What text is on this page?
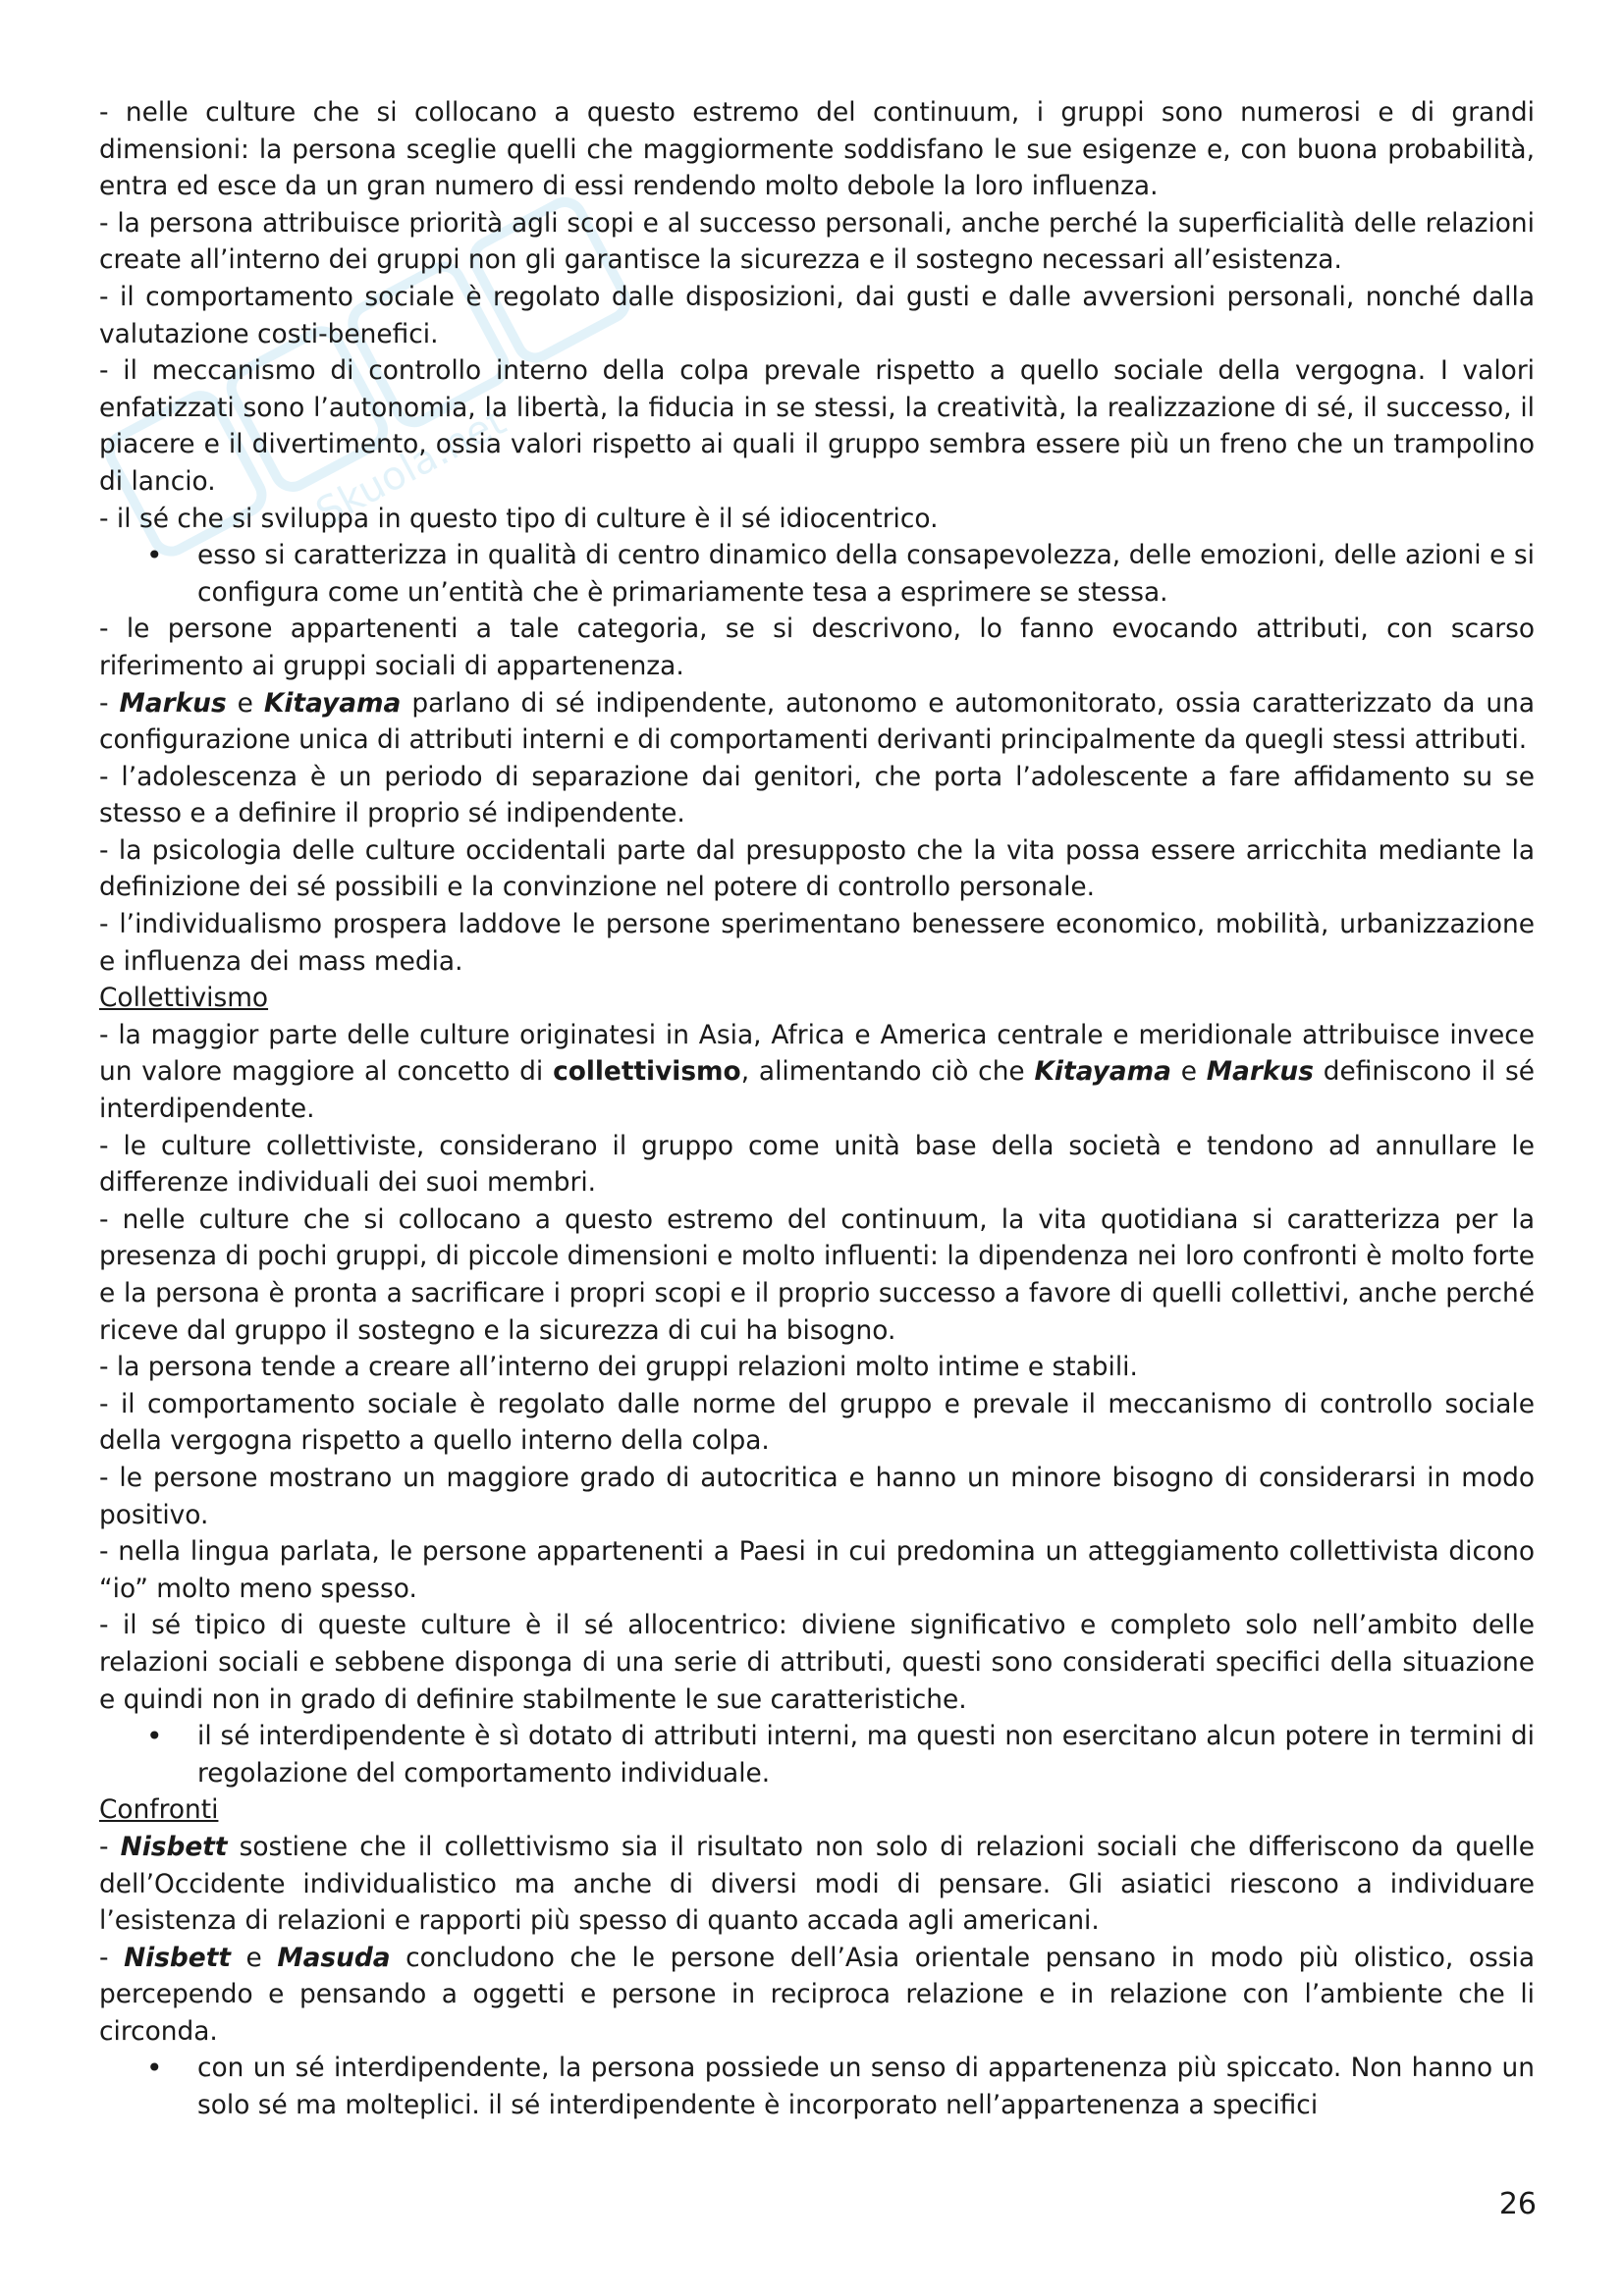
Skuola.net

- nelle culture che si collocano a questo estremo del continuum, i gruppi sono numerosi e di grandi dimensioni: la persona sceglie quelli che maggiormente soddisfano le sue esigenze e, con buona probabilità, entra ed esce da un gran numero di essi rendendo molto debole la loro influenza.

- la persona attribuisce priorità agli scopi e al successo personali, anche perché la superficialità delle relazioni create all’interno dei gruppi non gli garantisce la sicurezza e il sostegno necessari all’esistenza.

- il comportamento sociale è regolato dalle disposizioni, dai gusti e dalle avversioni personali, nonché dalla valutazione costi-benefici.

- il meccanismo di controllo interno della colpa prevale rispetto a quello sociale della vergogna. I valori enfatizzati sono l’autonomia, la libertà, la fiducia in se stessi, la creatività, la realizzazione di sé, il successo, il piacere e il divertimento, ossia valori rispetto ai quali il gruppo sembra essere più un freno che un trampolino di lancio.

- il sé che si sviluppa in questo tipo di culture è il sé idiocentrico.

• esso si caratterizza in qualità di centro dinamico della consapevolezza, delle emozioni, delle azioni e si configura come un’entità che è primariamente tesa a esprimere se stessa.

- le persone appartenenti a tale categoria, se si descrivono, lo fanno evocando attributi, con scarso riferimento ai gruppi sociali di appartenenza.

- Markus e Kitayama parlano di sé indipendente, autonomo e automonitorato, ossia caratterizzato da una configurazione unica di attributi interni e di comportamenti derivanti principalmente da quegli stessi attributi.

- l’adolescenza è un periodo di separazione dai genitori, che porta l’adolescente a fare affidamento su se stesso e a definire il proprio sé indipendente.

- la psicologia delle culture occidentali parte dal presupposto che la vita possa essere arricchita mediante la definizione dei sé possibili e la convinzione nel potere di controllo personale.

- l’individualismo prospera laddove le persone sperimentano benessere economico, mobilità, urbanizzazione e influenza dei mass media.

Collettivismo

- la maggior parte delle culture originatesi in Asia, Africa e America centrale e meridionale attribuisce invece un valore maggiore al concetto di collettivismo, alimentando ciò che Kitayama e Markus definiscono il sé interdipendente.

- le culture collettiviste, considerano il gruppo come unità base della società e tendono ad annullare le differenze individuali dei suoi membri.

- nelle culture che si collocano a questo estremo del continuum, la vita quotidiana si caratterizza per la presenza di pochi gruppi, di piccole dimensioni e molto influenti: la dipendenza nei loro confronti è molto forte e la persona è pronta a sacrificare i propri scopi e il proprio successo a favore di quelli collettivi, anche perché riceve dal gruppo il sostegno e la sicurezza di cui ha bisogno.

- la persona tende a creare all’interno dei gruppi relazioni molto intime e stabili.

- il comportamento sociale è regolato dalle norme del gruppo e prevale il meccanismo di controllo sociale della vergogna rispetto a quello interno della colpa.

- le persone mostrano un maggiore grado di autocritica e hanno un minore bisogno di considerarsi in modo positivo.

- nella lingua parlata, le persone appartenenti a Paesi in cui predomina un atteggiamento collettivista dicono “io” molto meno spesso.

- il sé tipico di queste culture è il sé allocentrico: diviene significativo e completo solo nell’ambito delle relazioni sociali e sebbene disponga di una serie di attributi, questi sono considerati specifici della situazione e quindi non in grado di definire stabilmente le sue caratteristiche.

• il sé interdipendente è sì dotato di attributi interni, ma questi non esercitano alcun potere in termini di regolazione del comportamento individuale.

Confronti

- Nisbett sostiene che il collettivismo sia il risultato non solo di relazioni sociali che differiscono da quelle dell’Occidente individualistico ma anche di diversi modi di pensare. Gli asiatici riescono a individuare l’esistenza di relazioni e rapporti più spesso di quanto accada agli americani.

- Nisbett e Masuda concludono che le persone dell’Asia orientale pensano in modo più olistico, ossia percependo e pensando a oggetti e persone in reciproca relazione e in relazione con l’ambiente che li circonda.

• con un sé interdipendente, la persona possiede un senso di appartenenza più spiccato. Non hanno un solo sé ma molteplici. il sé interdipendente è incorporato nell’appartenenza a specifici
26
